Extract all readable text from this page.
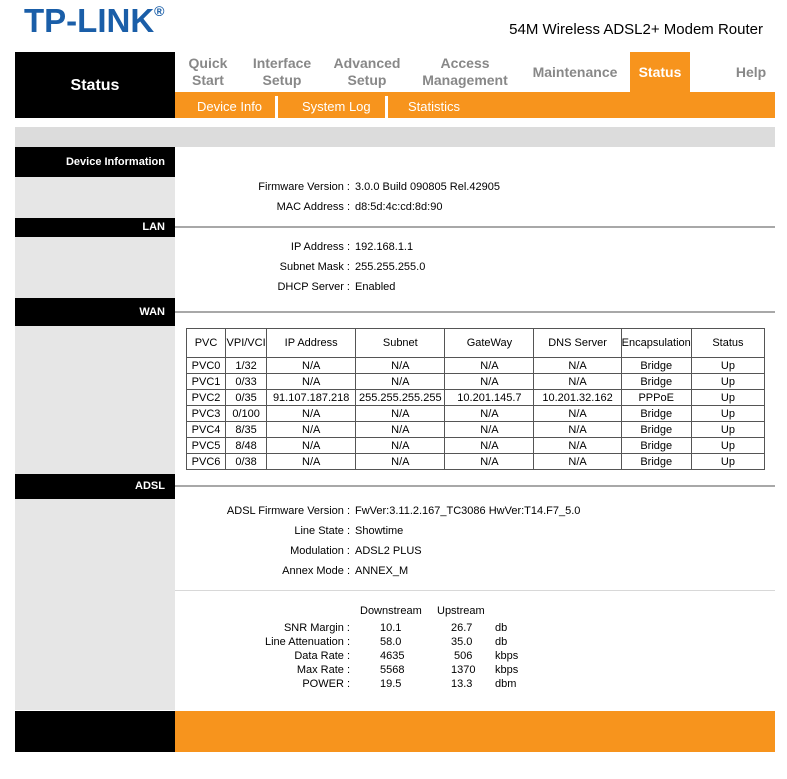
TP-LINK®
54M Wireless ADSL2+ Modem Router
Status
Quick
Start
Interface
Setup
Advanced
Setup
Access
Management
Maintenance Status	Help
Device Info	System Log	Statistics
Device Information
Firmware Version : 3.0.0 Build 090805 Rel.42905
MAC Address : d8:5d:4c:cd:8d:90
LAN
IP Address : 192.168.1.1
Subnet Mask : 255.255.255.0
DHCP Server : Enabled
WAN
PVC	VPI/VCI	IP Address	Subnet	GateWay	DNS Server	Encapsulation	Status
PVC0	1/32	N/A	N/A	N/A	N/A	Bridge	Up
PVC1	0/33	N/A	N/A	N/A	N/A	Bridge	Up
PVC2	0/35	91.107.187.218	255.255.255.255	10.201.145.7	10.201.32.162	PPPoE	Up
PVC3	0/100	N/A	N/A	N/A	N/A	Bridge	Up
PVC4	8/35	N/A	N/A	N/A	N/A	Bridge	Up
PVC5	8/48	N/A	N/A	N/A	N/A	Bridge	Up
PVC6	0/38	N/A	N/A	N/A	N/A	Bridge	Up
ADSL
ADSL Firmware Version : FwVer:3.11.2.167_TC3086 HwVer:T14.F7_5.0
Line State : Showtime
Modulation : ADSL2 PLUS
Annex Mode : ANNEX_M
Downstream Upstream
SNR Margin :	10.1	26.7 db
Line Attenuation :	58.0	35.0 db
Data Rate :	4635	506 kbps
Max Rate :	5568	1370 kbps
POWER :	19.5	13.3 dbm
